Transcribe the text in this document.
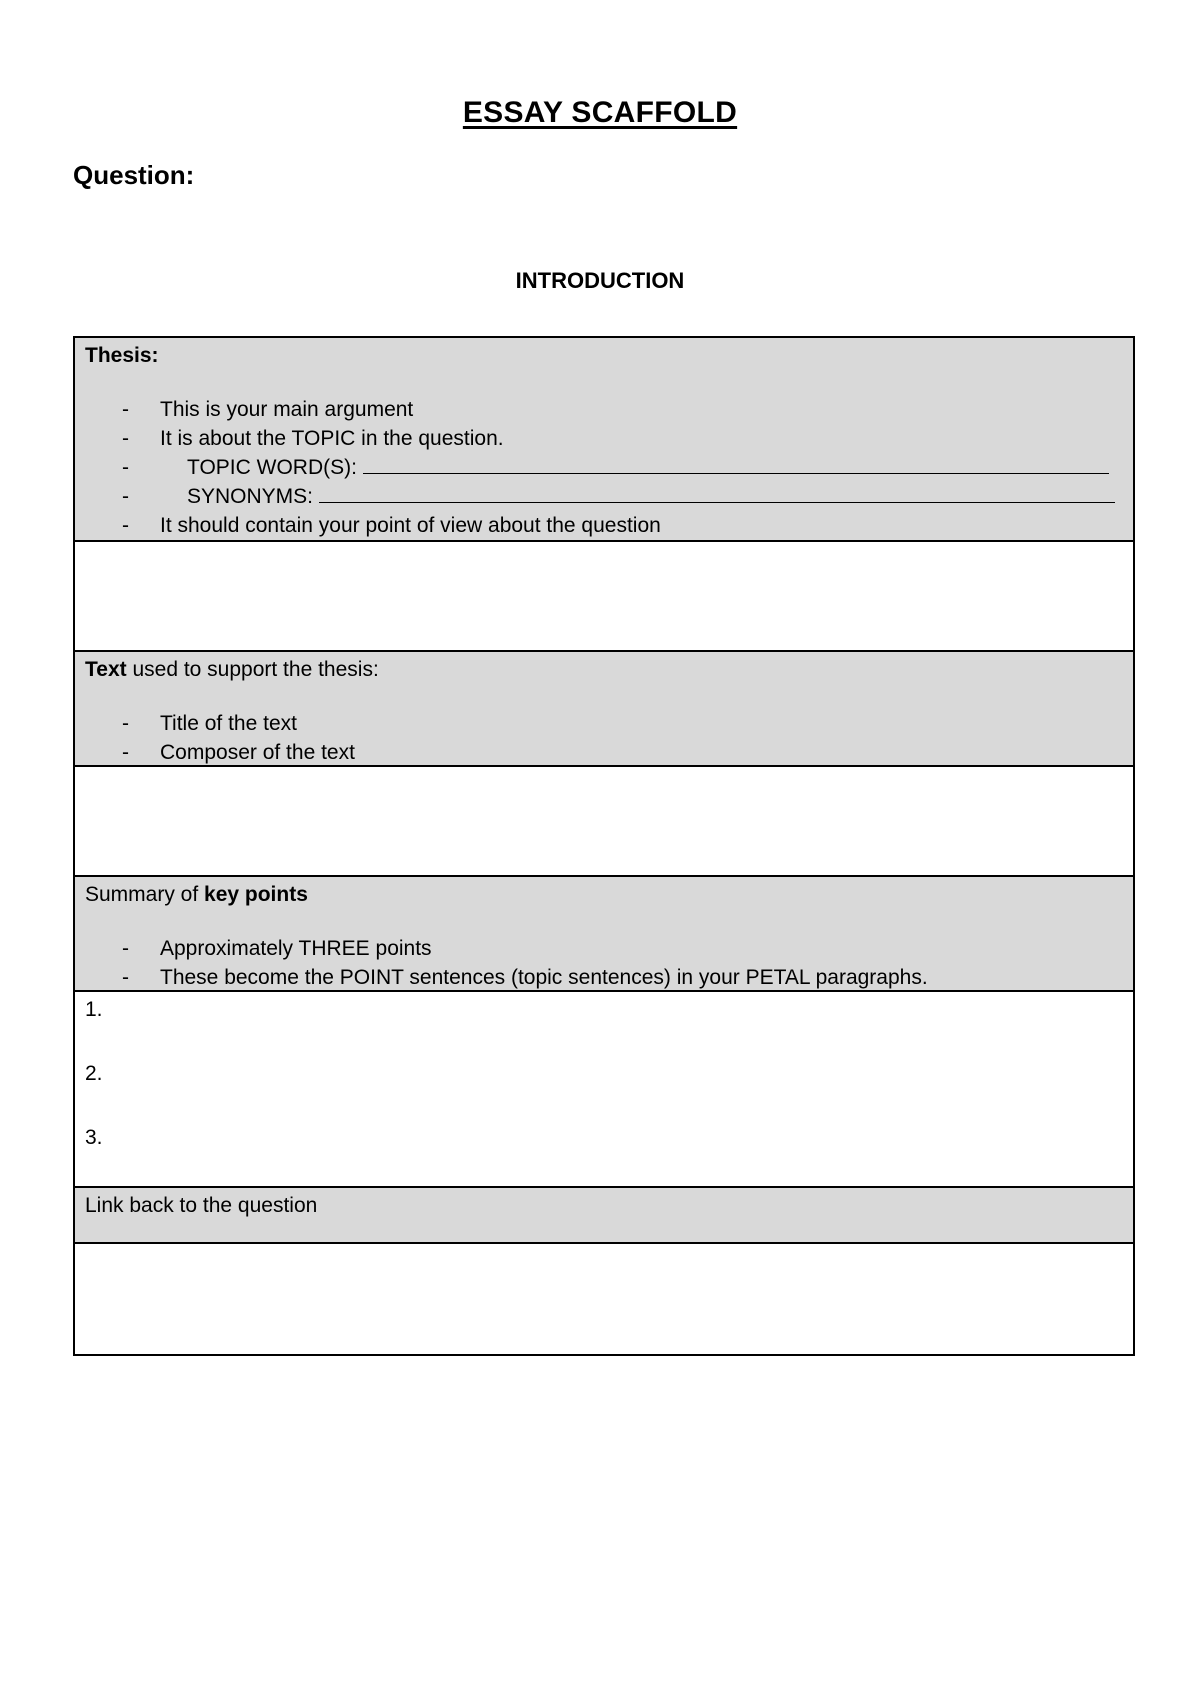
ESSAY SCAFFOLD
Question:
INTRODUCTION
Thesis:
- This is your main argument
- It is about the TOPIC in the question.
-	TOPIC WORD(S):
-	SYNONYMS:
- It should contain your point of view about the question
Text used to support the thesis:
- Title of the text
- Composer of the text
Summary of key points
- Approximately THREE points
- These become the POINT sentences (topic sentences) in your PETAL paragraphs.
1.
2.
3.
Link back to the question
